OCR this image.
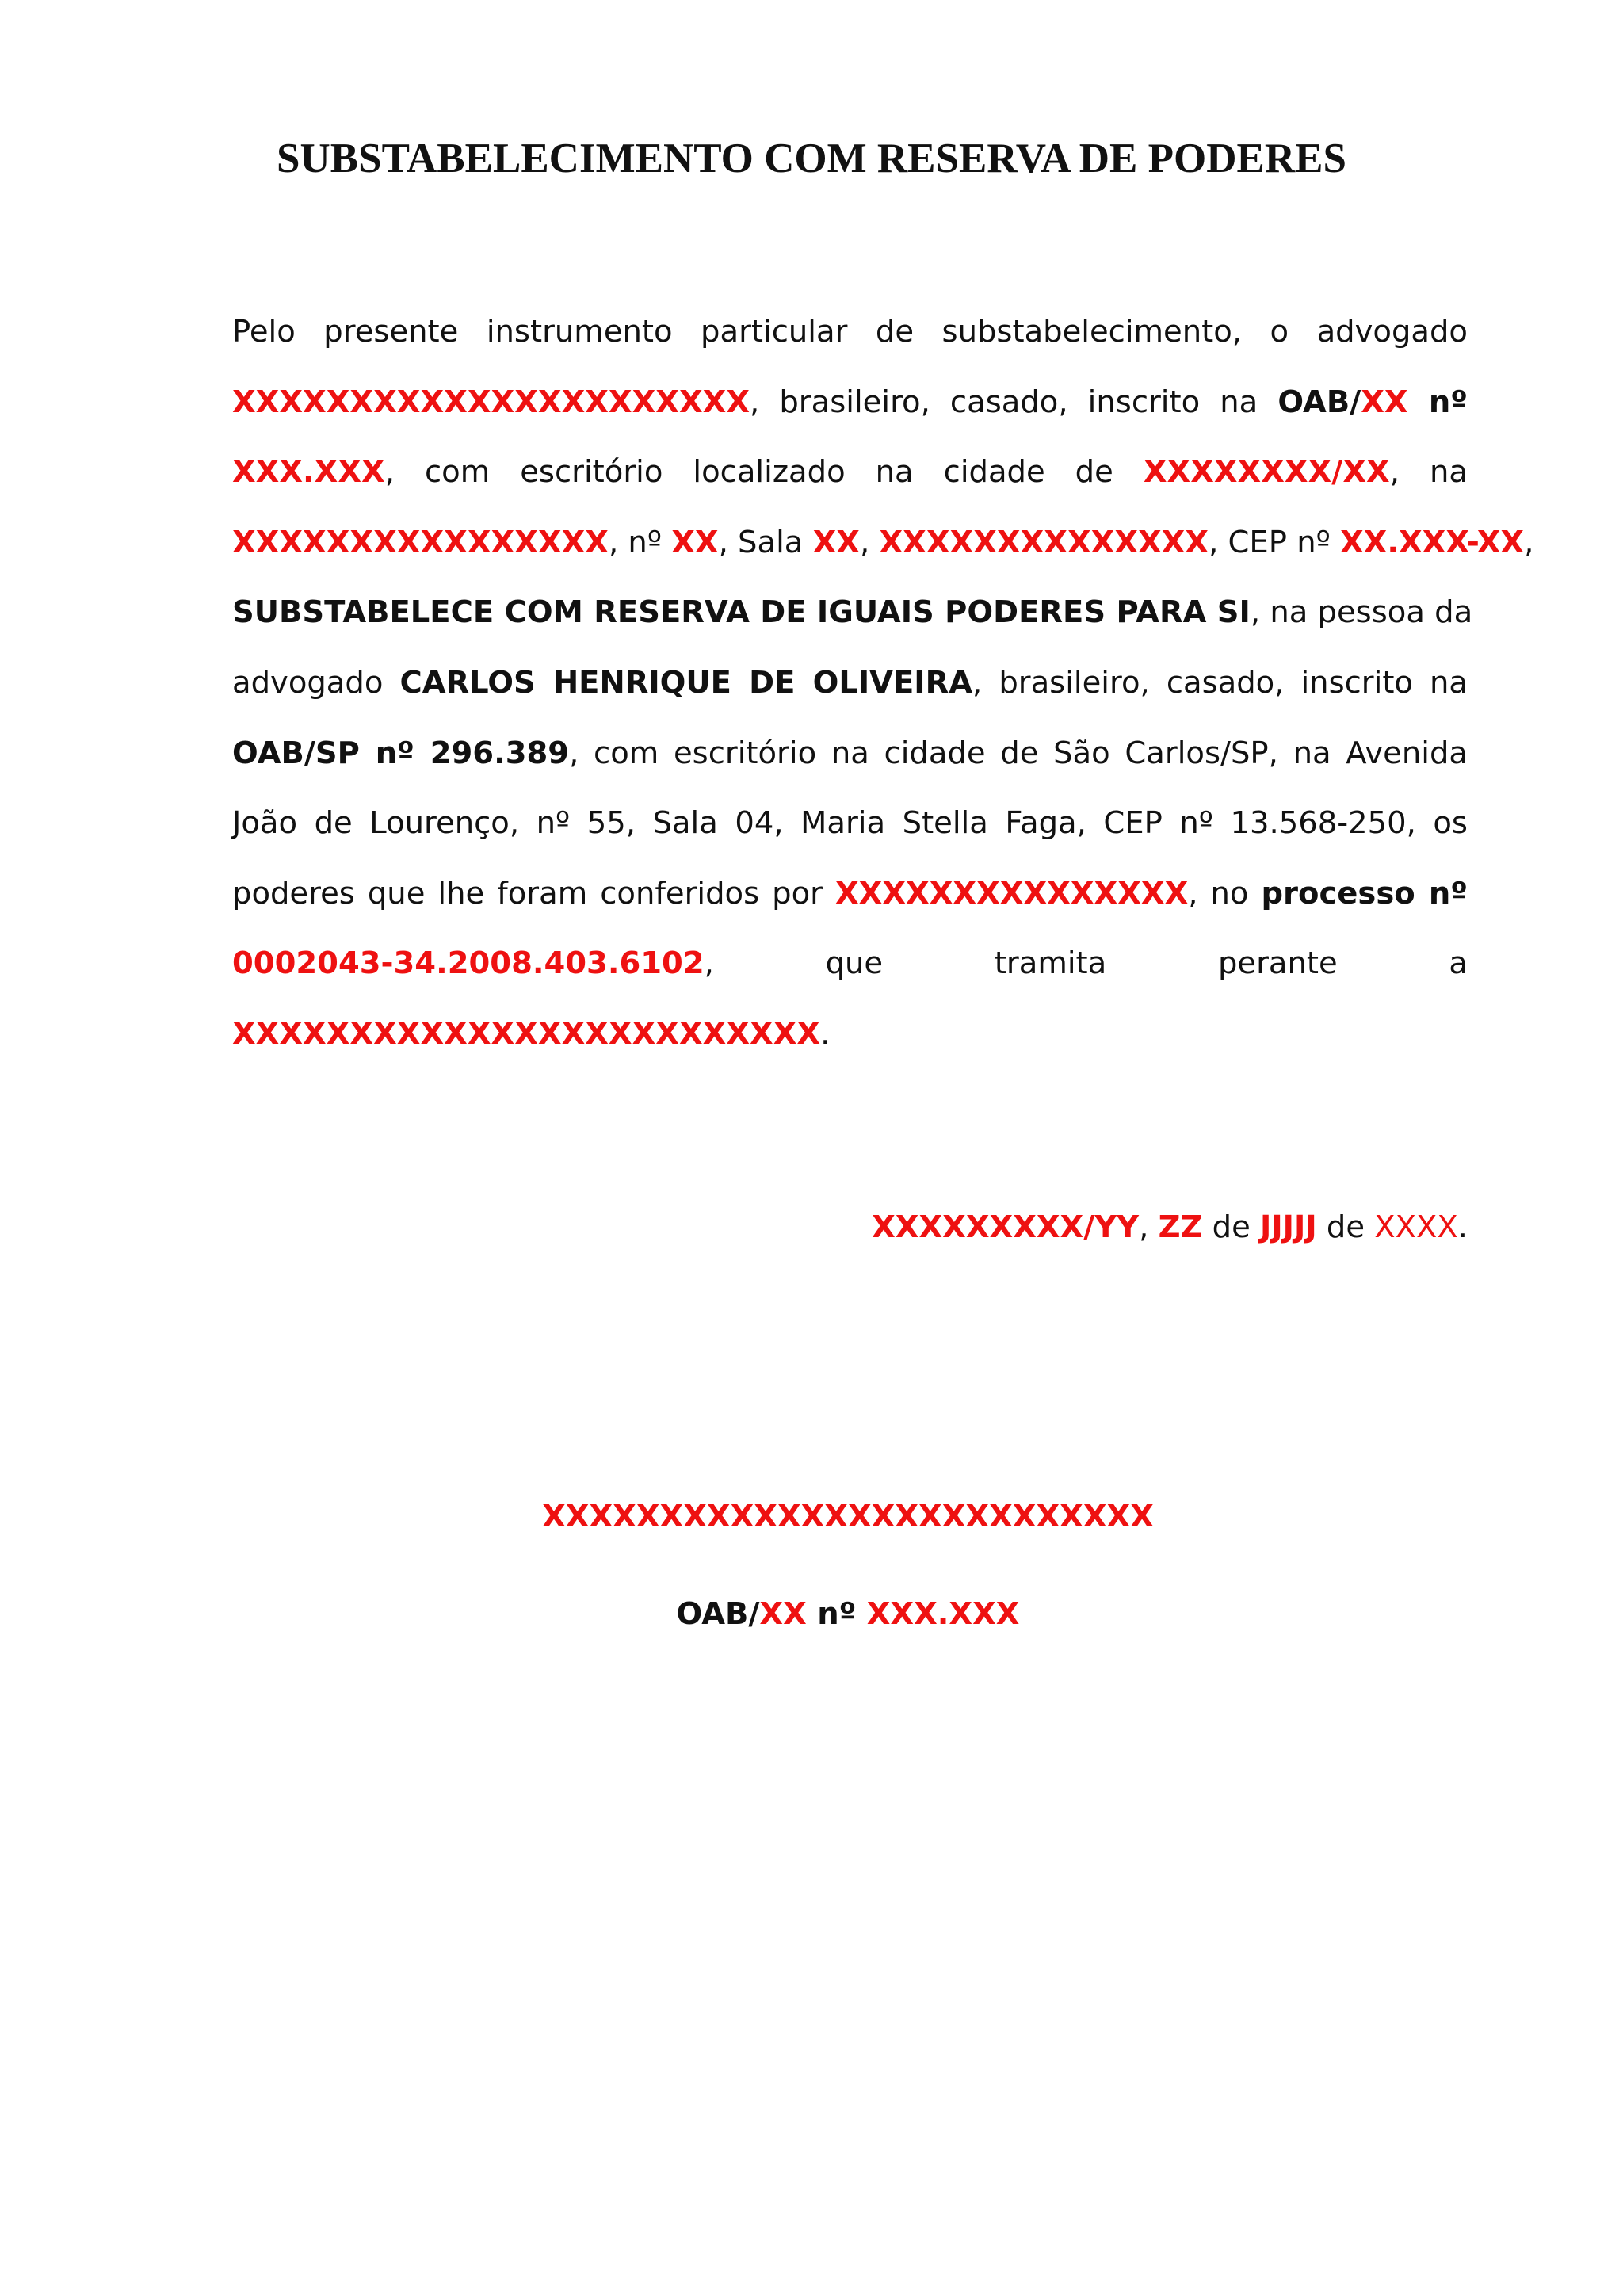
SUBSTABELECIMENTO COM RESERVA DE PODERES
Pelo presente instrumento particular de substabelecimento, o advogado
XXXXXXXXXXXXXXXXXXXXXX, brasileiro, casado, inscrito na OAB/XX nº
XXX.XXX, com escritório localizado na cidade de XXXXXXXX/XX, na
XXXXXXXXXXXXXXXX, nº XX, Sala XX, XXXXXXXXXXXXXX, CEP nº XX.XXX-XX,
SUBSTABELECE COM RESERVA DE IGUAIS PODERES PARA SI, na pessoa da
advogado CARLOS HENRIQUE DE OLIVEIRA, brasileiro, casado, inscrito na
OAB/SP nº 296.389, com escritório na cidade de São Carlos/SP, na Avenida
João de Lourenço, nº 55, Sala 04, Maria Stella Faga, CEP nº 13.568-250, os
poderes que lhe foram conferidos por XXXXXXXXXXXXXXX, no processo nº
0002043-34.2008.403.6102, que tramita perante a
XXXXXXXXXXXXXXXXXXXXXXXXX.
XXXXXXXXX/YY, ZZ de JJJJJ de XXXX.
XXXXXXXXXXXXXXXXXXXXXXXXXX
OAB/XX nº XXX.XXX
